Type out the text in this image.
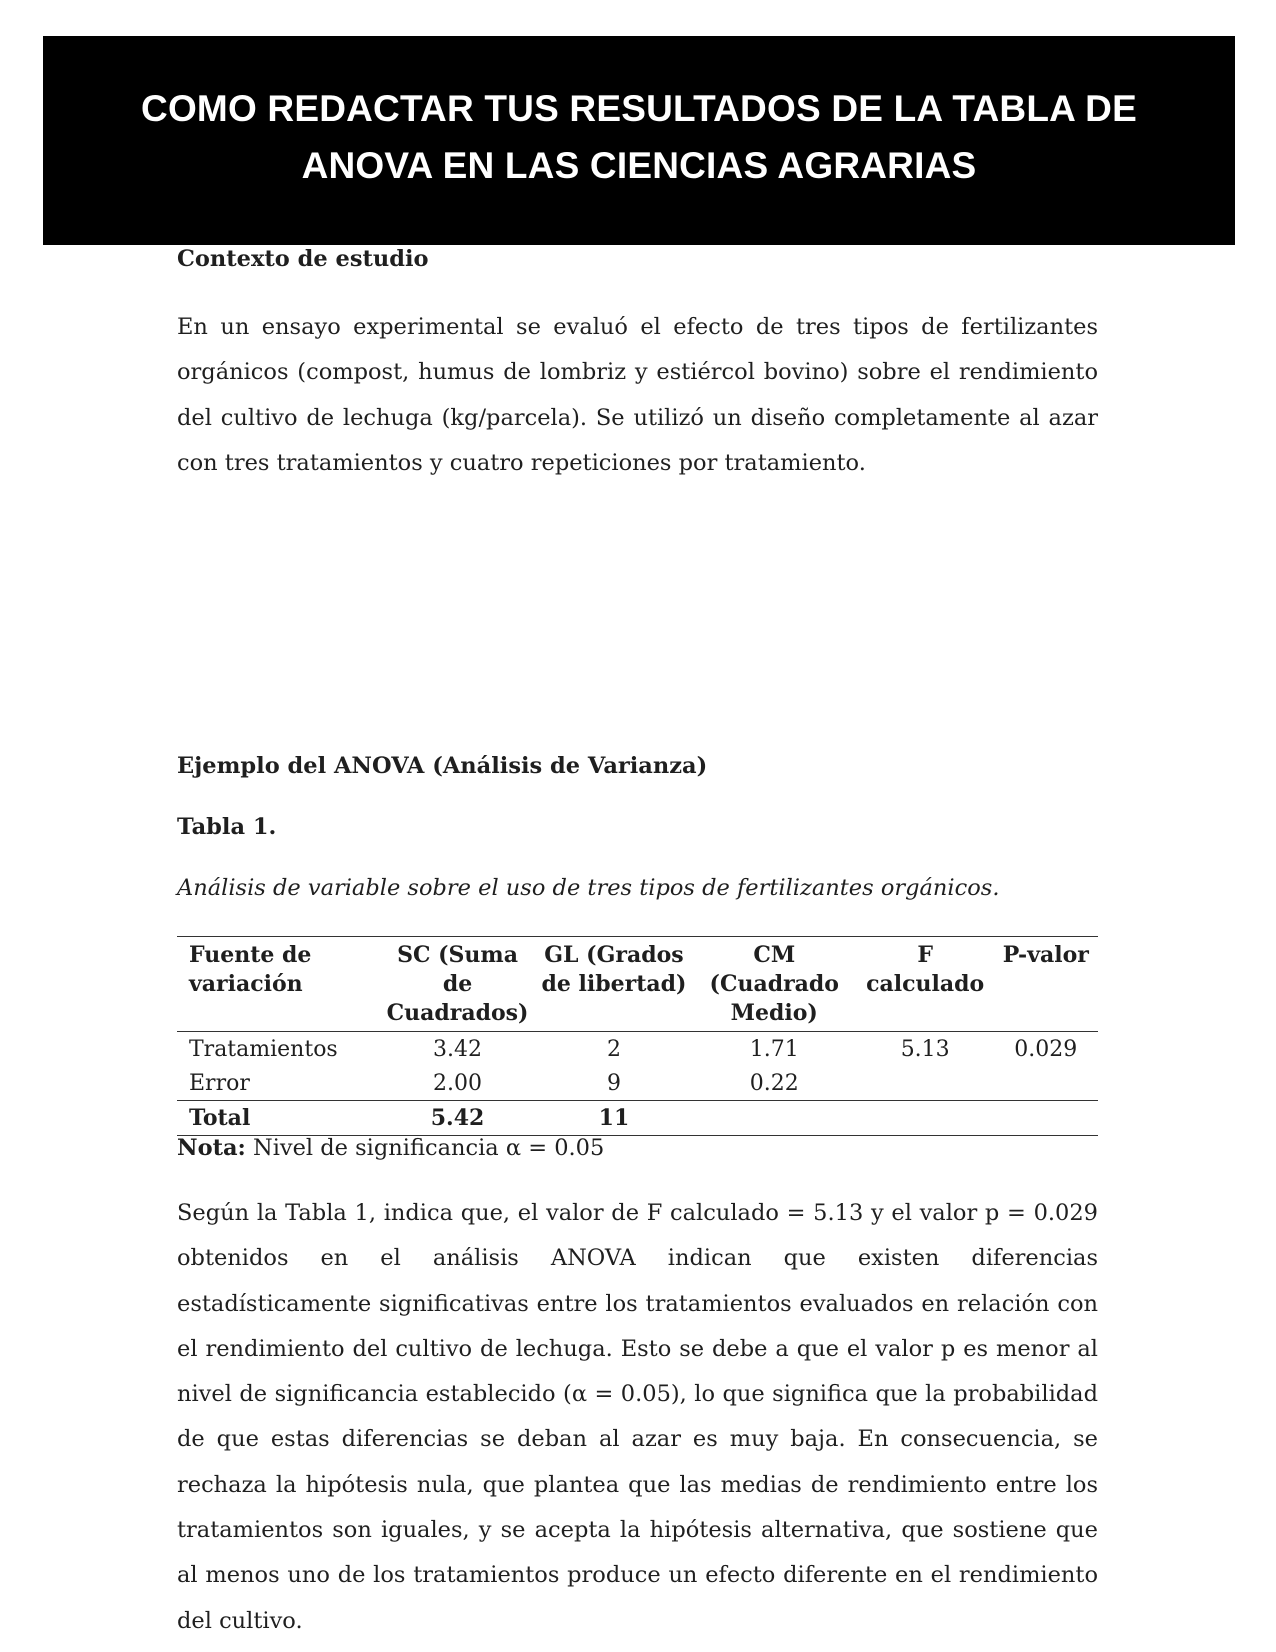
COMO REDACTAR TUS RESULTADOS DE LA TABLA DE
ANOVA EN LAS CIENCIAS AGRARIAS

Contexto de estudio

En un ensayo experimental se evaluó el efecto de tres tipos de fertilizantes orgánicos (compost, humus de lombriz y estiércol bovino) sobre el rendimiento del cultivo de lechuga (kg/parcela). Se utilizó un diseño completamente al azar con tres tratamientos y cuatro repeticiones por tratamiento.

Ejemplo del ANOVA (Análisis de Varianza)

Tabla 1.

Análisis de variable sobre el uso de tres tipos de fertilizantes orgánicos.

Fuente de variación	SC (Suma de Cuadrados)	GL (Grados de libertad)	CM (Cuadrado Medio)	F calculado	P-valor
Tratamientos	3.42	2	1.71	5.13	0.029
Error	2.00	9	0.22		
Total	5.42	11			

Nota: Nivel de significancia α = 0.05

Según la Tabla 1, indica que, el valor de F calculado = 5.13 y el valor p = 0.029 obtenidos en el análisis ANOVA indican que existen diferencias estadísticamente significativas entre los tratamientos evaluados en relación con el rendimiento del cultivo de lechuga. Esto se debe a que el valor p es menor al nivel de significancia establecido (α = 0.05), lo que significa que la probabilidad de que estas diferencias se deban al azar es muy baja. En consecuencia, se rechaza la hipótesis nula, que plantea que las medias de rendimiento entre los tratamientos son iguales, y se acepta la hipótesis alternativa, que sostiene que al menos uno de los tratamientos produce un efecto diferente en el rendimiento del cultivo.
